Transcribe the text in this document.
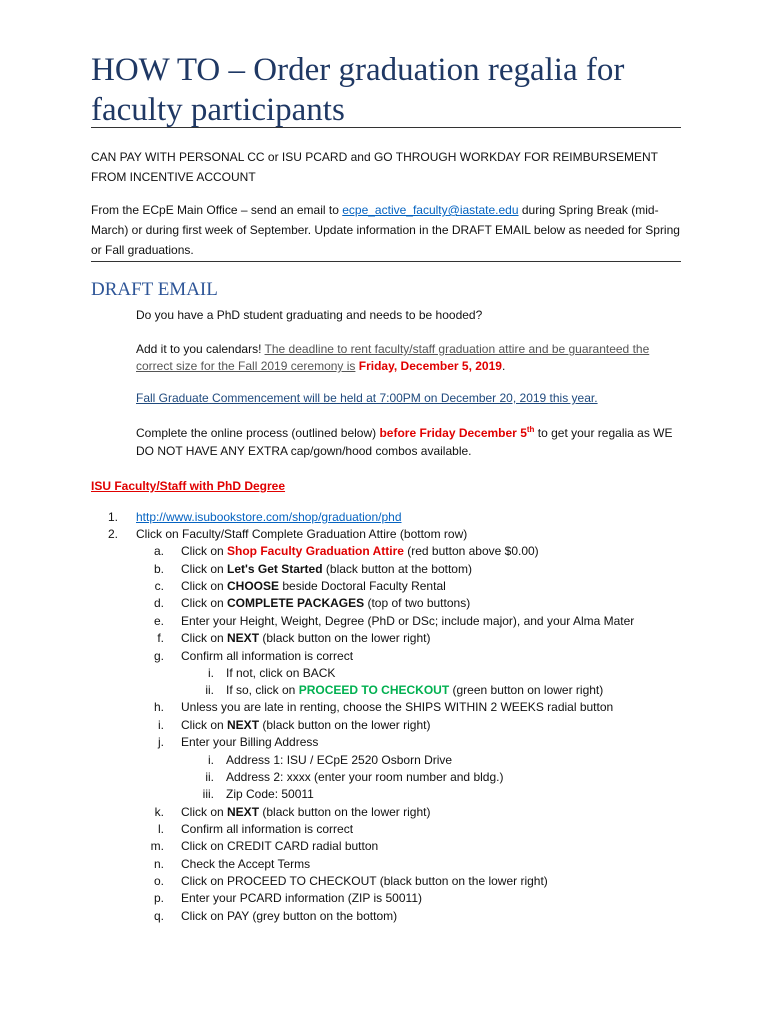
HOW TO – Order graduation regalia for faculty participants

CAN PAY WITH PERSONAL CC or ISU PCARD and GO THROUGH WORKDAY FOR REIMBURSEMENT FROM INCENTIVE ACCOUNT

From the ECpE Main Office – send an email to ecpe_active_faculty@iastate.edu during Spring Break (mid-March) or during first week of September. Update information in the DRAFT EMAIL below as needed for Spring or Fall graduations.

DRAFT EMAIL

Do you have a PhD student graduating and needs to be hooded?

Add it to you calendars! The deadline to rent faculty/staff graduation attire and be guaranteed the correct size for the Fall 2019 ceremony is Friday, December 5, 2019.

Fall Graduate Commencement will be held at 7:00PM on December 20, 2019 this year.

Complete the online process (outlined below) before Friday December 5th to get your regalia as WE DO NOT HAVE ANY EXTRA cap/gown/hood combos available.

ISU Faculty/Staff with PhD Degree

1. http://www.isubookstore.com/shop/graduation/phd
2. Click on Faculty/Staff Complete Graduation Attire (bottom row)
a. Click on Shop Faculty Graduation Attire (red button above $0.00)
b. Click on Let's Get Started (black button at the bottom)
c. Click on CHOOSE beside Doctoral Faculty Rental
d. Click on COMPLETE PACKAGES (top of two buttons)
e. Enter your Height, Weight, Degree (PhD or DSc; include major), and your Alma Mater
f. Click on NEXT (black button on the lower right)
g. Confirm all information is correct
i. If not, click on BACK
ii. If so, click on PROCEED TO CHECKOUT (green button on lower right)
h. Unless you are late in renting, choose the SHIPS WITHIN 2 WEEKS radial button
i. Click on NEXT (black button on the lower right)
j. Enter your Billing Address
i. Address 1: ISU / ECpE 2520 Osborn Drive
ii. Address 2: xxxx (enter your room number and bldg.)
iii. Zip Code: 50011
k. Click on NEXT (black button on the lower right)
l. Confirm all information is correct
m. Click on CREDIT CARD radial button
n. Check the Accept Terms
o. Click on PROCEED TO CHECKOUT (black button on the lower right)
p. Enter your PCARD information (ZIP is 50011)
q. Click on PAY (grey button on the bottom)
